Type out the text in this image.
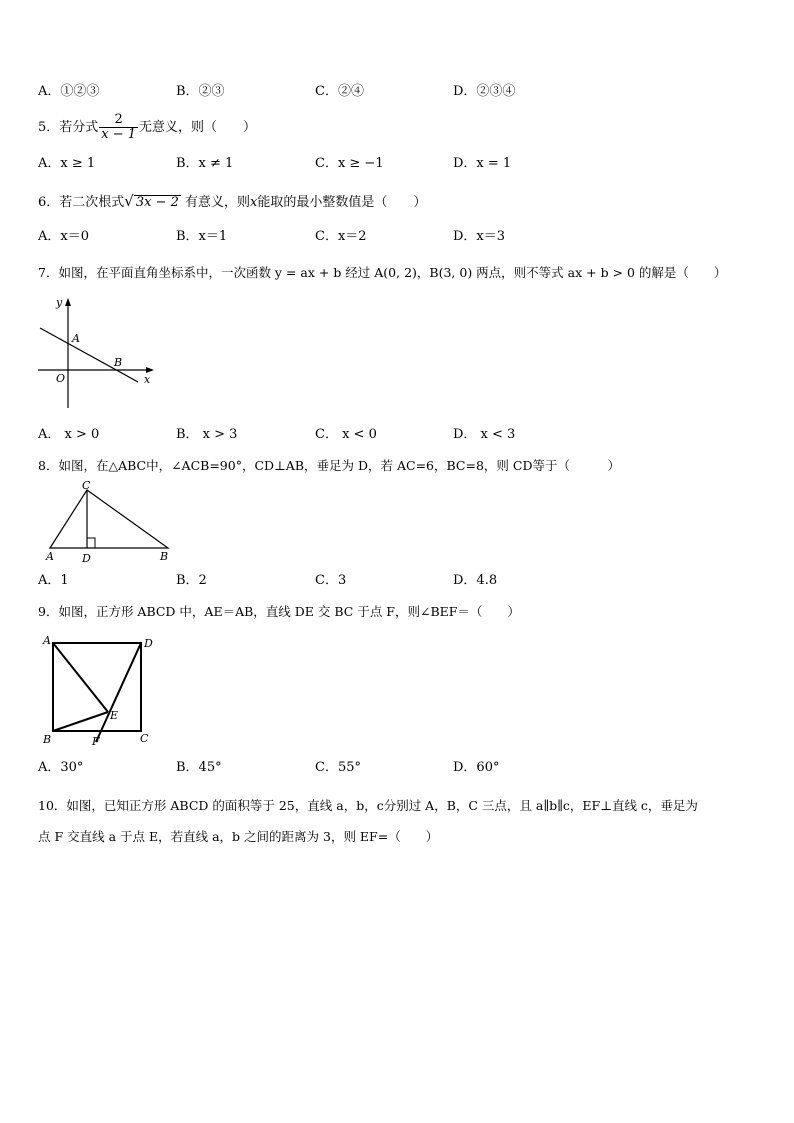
A．①②③	B．②③	C．②④	D．②③④
5．若分式 $\frac{2}{x - 1}$ 无意义，则（　　）
A．x ≥ 1	B．x ≠ 1	C．x ≥ −1	D．x = 1
6．若二次根式√ 3x − 2 有意义，则x能取的最小整数值是（　　）
A．x＝0	B．x＝1	C．x＝2	D．x＝3
7．如图，在平面直角坐标系中，一次函数 y = ax + b 经过 A(0, 2)，B(3, 0) 两点，则不等式 ax + b > 0 的解是（　　）
y
A
B
O	x
A． x > 0	B． x > 3	C． x < 0	D． x < 3
8．如图，在△ABC中，∠ACB=90°，CD⊥AB，垂足为 D，若 AC=6，BC=8，则 CD等于（　　　）
C
A	D	B
A．1	B．2	C．3	D．4.8
9．如图，正方形 ABCD 中，AE＝AB，直线 DE 交 BC 于点 F，则∠BEF＝（　　）
A	D
E
B	F	C
A．30°	B．45°	C．55°	D．60°
10．如图，已知正方形 ABCD 的面积等于 25，直线 a，b，c分别过 A，B，C 三点，且 a∥b∥c，EF⊥直线 c，垂足为
点 F 交直线 a 于点 E，若直线 a，b 之间的距离为 3，则 EF=（　　）
